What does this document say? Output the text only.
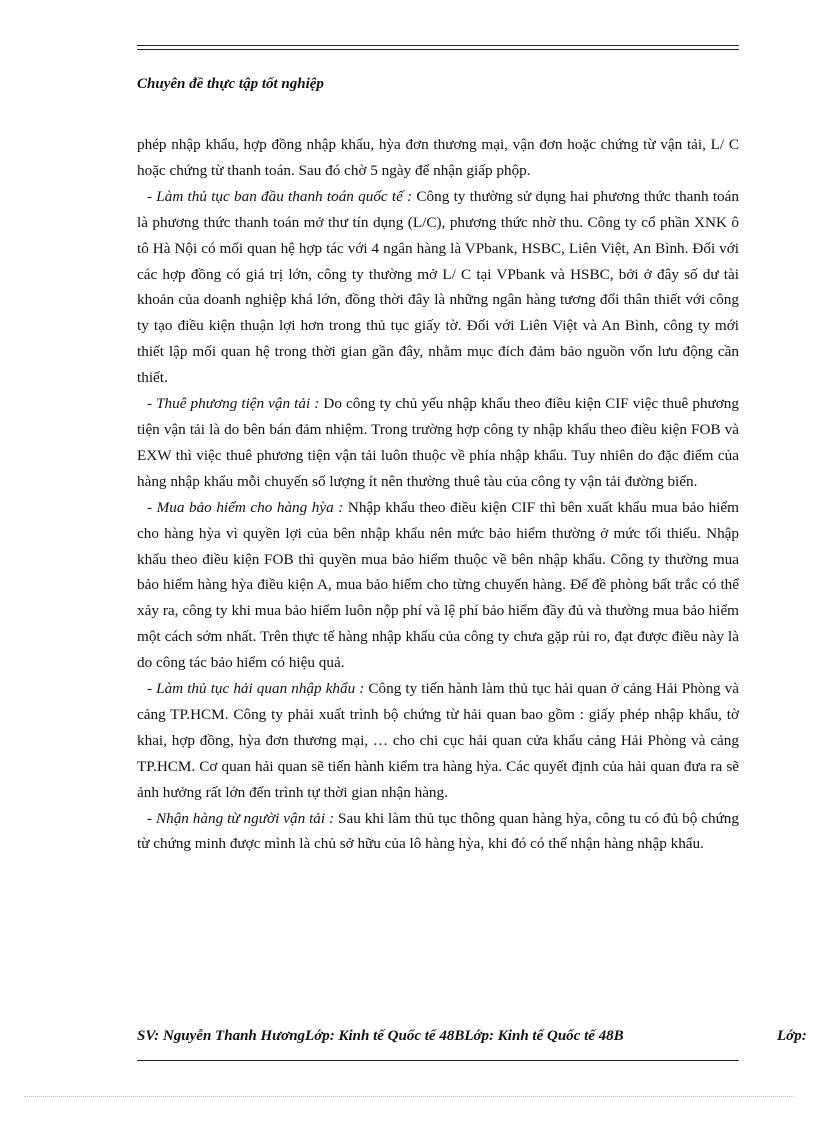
Chuyên đề thực tập tốt nghiệp

phép nhập khẩu, hợp đồng nhập khẩu, hỳa đơn thương mại, vận đơn hoặc chứng từ vận tải, L/ C hoặc chứng từ thanh toán. Sau đó chờ 5 ngày để nhận giấp phộp.

- Làm thủ tục ban đầu thanh toán quốc tế : Công ty thường sử dụng hai phương thức thanh toán là phương thức thanh toán mở thư tín dụng (L/C), phương thức nhờ thu. Công ty cổ phần XNK ô tô Hà Nội có mối quan hệ hợp tác với 4 ngân hàng là VPbank, HSBC, Liên Việt, An Bình. Đối với các hợp đồng có giá trị lớn, công ty thường mở L/ C tại VPbank và HSBC, bởi ở đây số dư tài khoản của doanh nghiệp khá lớn, đồng thời đây là những ngân hàng tương đối thân thiết với công ty tạo điều kiện thuận lợi hơn trong thủ tục giấy tờ. Đối với Liên Việt và An Bình, công ty mới thiết lập mối quan hệ trong thời gian gần đây, nhằm mục đích đảm bảo nguồn vốn lưu động cần thiết.

- Thuê phương tiện vận tải : Do công ty chủ yếu nhập khẩu theo điều kiện CIF việc thuê phương tiện vận tải là do bên bán đảm nhiệm. Trong trường hợp công ty nhập khẩu theo điều kiện FOB và EXW thì việc thuê phương tiện vận tải luôn thuộc về phía nhập khẩu. Tuy nhiên do đặc điểm của hàng nhập khẩu mỗi chuyến số lượng ít nên thường thuê tàu của công ty vận tải đường biển.

- Mua bảo hiểm cho hàng hỳa : Nhập khẩu theo điều kiện CIF thì bên xuất khẩu mua bảo hiểm cho hàng hỳa vì quyền lợi của bên nhập khẩu nên mức bảo hiểm thường ở mức tối thiểu. Nhập khẩu theo điều kiện FOB thì quyền mua bảo hiểm thuộc về bên nhập khẩu. Công ty thường mua bảo hiểm hàng hỳa điều kiện A, mua bảo hiểm cho từng chuyến hàng. Để đề phòng bất trắc có thể xảy ra, công ty khi mua bảo hiểm luôn nộp phí và lệ phí bảo hiểm đầy đủ và thường mua bảo hiểm một cách sớm nhất. Trên thực tế hàng nhập khẩu của công ty chưa gặp rủi ro, đạt được điều này là do công tác bảo hiểm có hiệu quả.

- Làm thủ tục hải quan nhập khẩu : Công ty tiến hành làm thủ tục hải quan ở cảng Hải Phòng và cảng TP.HCM. Công ty phải xuất trình bộ chứng từ hải quan bao gồm : giấy phép nhập khẩu, tờ khai, hợp đồng, hỳa đơn thương mại, … cho chi cục hải quan cửa khẩu cảng Hải Phòng và cảng TP.HCM. Cơ quan hải quan sẽ tiến hành kiểm tra hàng hỳa. Các quyết định của hải quan đưa ra sẽ ảnh hưởng rất lớn đến trình tự thời gian nhận hàng.

- Nhận hàng từ người vận tải : Sau khi làm thủ tục thông quan hàng hỳa, công tu có đủ bộ chứng từ chứng minh được mình là chủ sở hữu của lô hàng hỳa, khi đó có thể nhận hàng nhập khẩu.

SV: Nguyễn Thanh HươngLớp: Kinh tế Quốc tế 48BLớp: Kinh tế Quốc tế 48B	Lớp:
